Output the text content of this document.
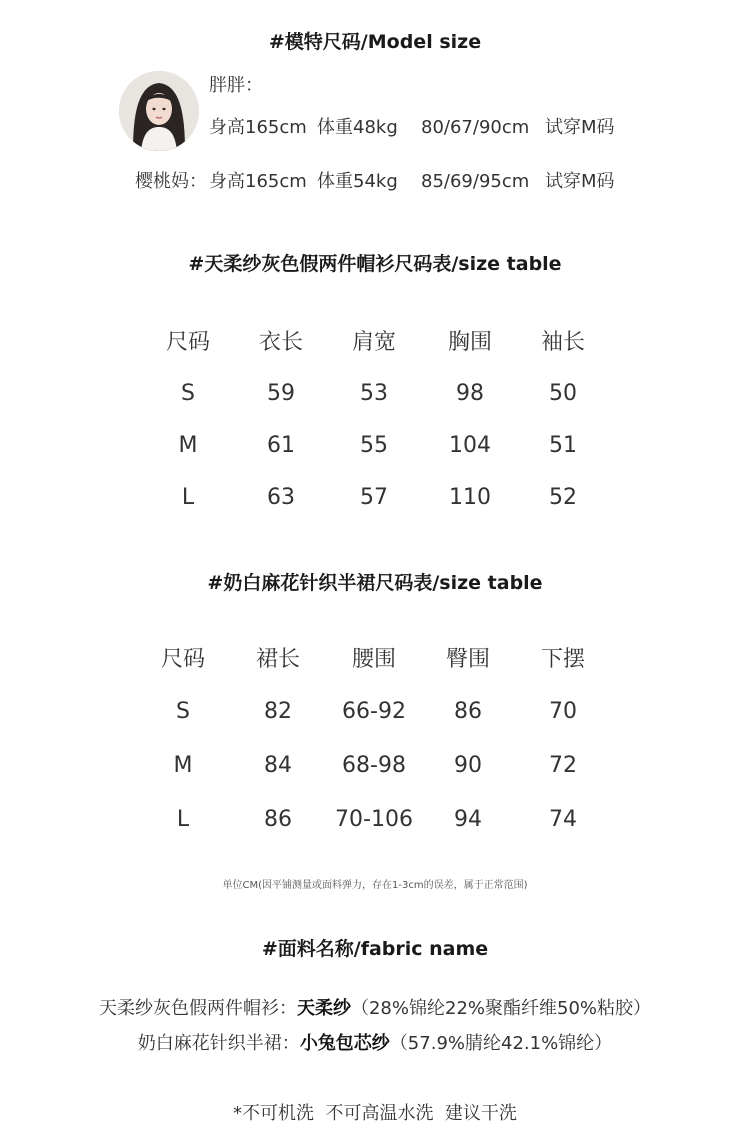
#模特尺码/Model size
胖胖：
身高165cm 体重48kg 80/67/90cm 试穿M码
樱桃妈： 身高165cm 体重54kg 85/69/95cm 试穿M码
#天柔纱灰色假两件帽衫尺码表/size table
尺码	衣长	肩宽	胸围	袖长
S	59	53	98	50
M	61	55	104	51
L	63	57	110	52
#奶白麻花针织半裙尺码表/size table
尺码	裙长	腰围	臀围	下摆
S	82	66-92	86	70
M	84	68-98	90	72
L	86	70-106	94	74
单位CM(因平铺测量或面料弹力，存在1-3cm的误差，属于正常范围)
#面料名称/fabric name
天柔纱灰色假两件帽衫：天柔纱（28%锦纶22%聚酯纤维50%粘胶）
奶白麻花针织半裙：小兔包芯纱（57.9%腈纶42.1%锦纶）
*不可机洗  不可高温水洗  建议干洗
